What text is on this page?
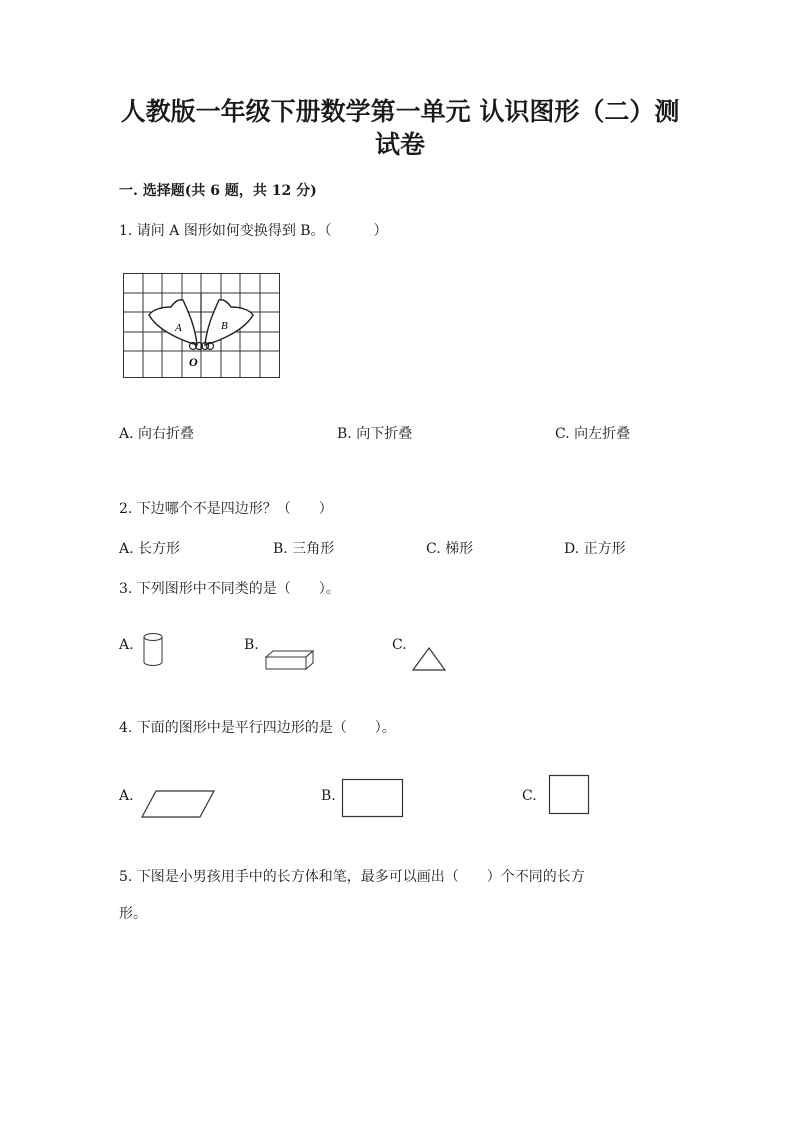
人教版一年级下册数学第一单元 认识图形（二）测
试卷
一. 选择题(共 6 题，共 12 分)
1. 请问 A 图形如何变换得到 B。（　　　）
A	B
O
A. 向右折叠	B. 向下折叠	C. 向左折叠
2. 下边哪个不是四边形？（　　）
A. 长方形	B. 三角形	C. 梯形	D. 正方形
3. 下列图形中不同类的是（　　）。
A.	B.	C.
4. 下面的图形中是平行四边形的是（　　）。
A.	B.	C.
5. 下图是小男孩用手中的长方体和笔，最多可以画出（　　）个不同的长方
形。
